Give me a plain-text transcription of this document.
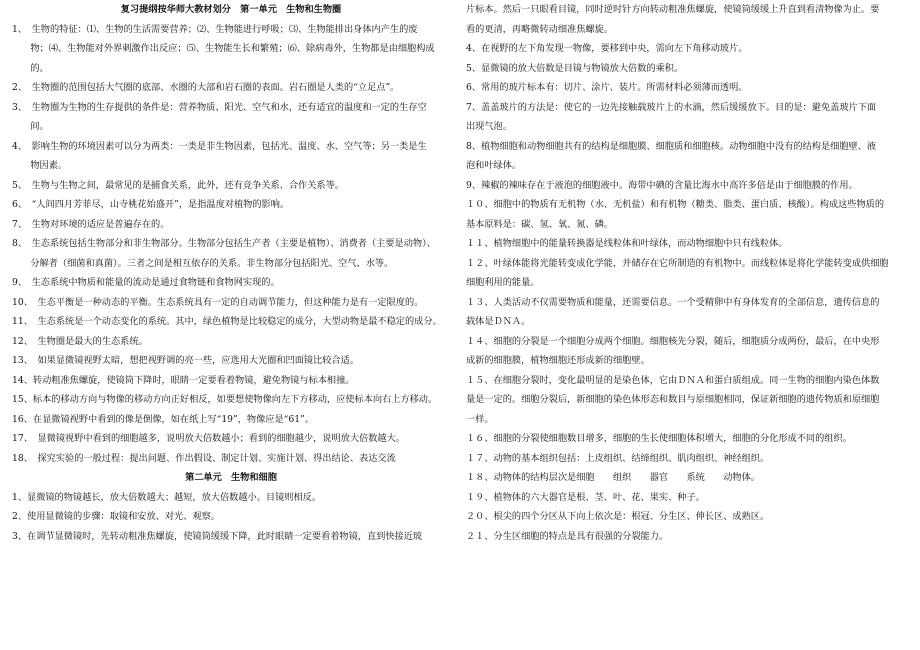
复习提纲按华师大教材划分　第一单元　生物和生物圈
1、　生物的特征：⑴、生物的生活需要营养；⑵、生物能进行呼吸；⑶、生物能排出身体内产生的废
　　物；⑷、生物能对外界刺激作出反应；⑸、生物能生长和繁殖；⑹、除病毒外，生物都是由细胞构成
　　的。
2、　生物圈的范围包括大气圈的底部、水圈的大部和岩石圈的表面。岩石圈是人类的“立足点”。
3、　生物圈为生物的生存提供的条件是：营养物质、阳光、空气和水，还有适宜的温度和一定的生存空
　　间。
4、　影响生物的环境因素可以分为两类：一类是非生物因素，包括光、温度、水、空气等；另一类是生
　　物因素。
5、　生物与生物之间，最常见的是捕食关系，此外，还有竞争关系、合作关系等。
6、　“人间四月芳菲尽，山寺桃花始盛开”，是指温度对植物的影响。
7、　生物对环境的适应是普遍存在的。
8、　生态系统包括生物部分和非生物部分。生物部分包括生产者（主要是植物）、消费者（主要是动物）、
　　分解者（细菌和真菌）。三者之间是相互依存的关系。非生物部分包括阳光、空气、水等。
9、　生态系统中物质和能量的流动是通过食物链和食物网实现的。
10、　生态平衡是一种动态的平衡。生态系统具有一定的自动调节能力，但这种能力是有一定限度的。
11、　生态系统是一个动态变化的系统。其中，绿色植物是比较稳定的成分，大型动物是最不稳定的成分。
12、　生物圈是最大的生态系统。
13、　如果显微镜视野太暗，想把视野调的亮一些，应选用大光圈和凹面镜比较合适。
14、转动粗准焦螺旋，使镜筒下降时，眼睛一定要看着物镜，避免物镜与标本相撞。
15、标本的移动方向与物像的移动方向正好相反，如要想使物像向左下方移动，应使标本向右上方移动。
16、在显微镜视野中看到的像是倒像，如在纸上写“19”，物像应是“61”。
17、　显微镜视野中看到的细胞越多，说明放大倍数越小；看到的细胞越少，说明放大倍数越大。
18、　探究实验的一般过程：提出问题、作出假设、制定计划、实施计划、得出结论、表达交流
第二单元　生物和细胞
1、显微镜的物镜越长，放大倍数越大；越短，放大倍数越小。目镜则相反。
2、使用显微镜的步骤：取镜和安放、对光、观察。
3、在调节显微镜时，先转动粗准焦螺旋，使镜筒缓缓下降，此时眼睛一定要看着物镜，直到快接近玻
片标本。然后一只眼看目镜，同时逆时针方向转动粗准焦螺旋，使镜筒缓缓上升直到看清物像为止。要
看的更清，再略微转动细准焦螺旋。
4、在视野的左下角发现一物像，要移到中央，需向左下角移动玻片。
5、显微镜的放大倍数是目镜与物镜放大倍数的乘积。
6、常用的玻片标本有：切片、涂片、装片。所需材料必须薄而透明。
7、盖盖玻片的方法是：使它的一边先接触载玻片上的水滴，然后缓缓放下。目的是：避免盖玻片下面
出现气泡。
8、植物细胞和动物细胞共有的结构是细胞膜、细胞质和细胞核。动物细胞中没有的结构是细胞壁、液
泡和叶绿体。
9、辣椒的辣味存在于液泡的细胞液中。海带中碘的含量比海水中高许多倍是由于细胞膜的作用。
１０、细胞中的物质有无机物（水、无机盐）和有机物（糖类、脂类、蛋白质、核酸）。构成这些物质的
基本原料是：碳、氢、氧、氮、磷。
１１、植物细胞中的能量转换器是线粒体和叶绿体，而动物细胞中只有线粒体。
１２、叶绿体能将光能转变成化学能，并储存在它所制造的有机物中。而线粒体是将化学能转变成供细胞
细胞利用的能量。
１３、人类活动不仅需要物质和能量，还需要信息。一个受精卵中有身体发育的全部信息，遗传信息的
载体是ＤＮＡ。
１４、细胞的分裂是一个细胞分成两个细胞。细胞核先分裂，随后，细胞质分成两份，最后，在中央形
成新的细胞膜，植物细胞还形成新的细胞壁。
１５、在细胞分裂时，变化最明显的是染色体，它由ＤＮＡ和蛋白质组成。同一生物的细胞内染色体数
量是一定的。细胞分裂后，新细胞的染色体形态和数目与原细胞相同，保证新细胞的遗传物质和原细胞
一样。
１６、细胞的分裂使细胞数目增多，细胞的生长使细胞体积增大，细胞的分化形成不同的组织。
１７、动物的基本组织包括：上皮组织、结缔组织、肌肉组织、神经组织。
１８、动物体的结构层次是细胞　　组织　　器官　　系统　　动物体。
１９、植物体的六大器官是根、茎、叶、花、果实、种子。
２０、根尖的四个分区从下向上依次是：根冠、分生区、伸长区、成熟区。
２１、分生区细胞的特点是具有很强的分裂能力。
